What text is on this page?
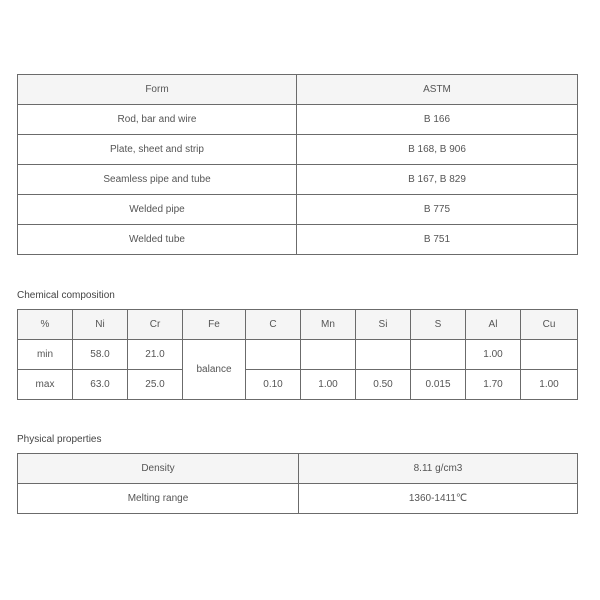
Form	ASTM
Rod, bar and wire	B 166
Plate, sheet and strip	B 168, B 906
Seamless pipe and tube	B 167, B 829
Welded pipe	B 775
Welded tube	B 751
Chemical composition
%	Ni	Cr	Fe	C	Mn	Si	S	Al	Cu
min	58.0	21.0	balance					1.00	
max	63.0	25.0		0.10	1.00	0.50	0.015	1.70	1.00
Physical properties
Density	8.11 g/cm3
Melting range	1360-1411℃
